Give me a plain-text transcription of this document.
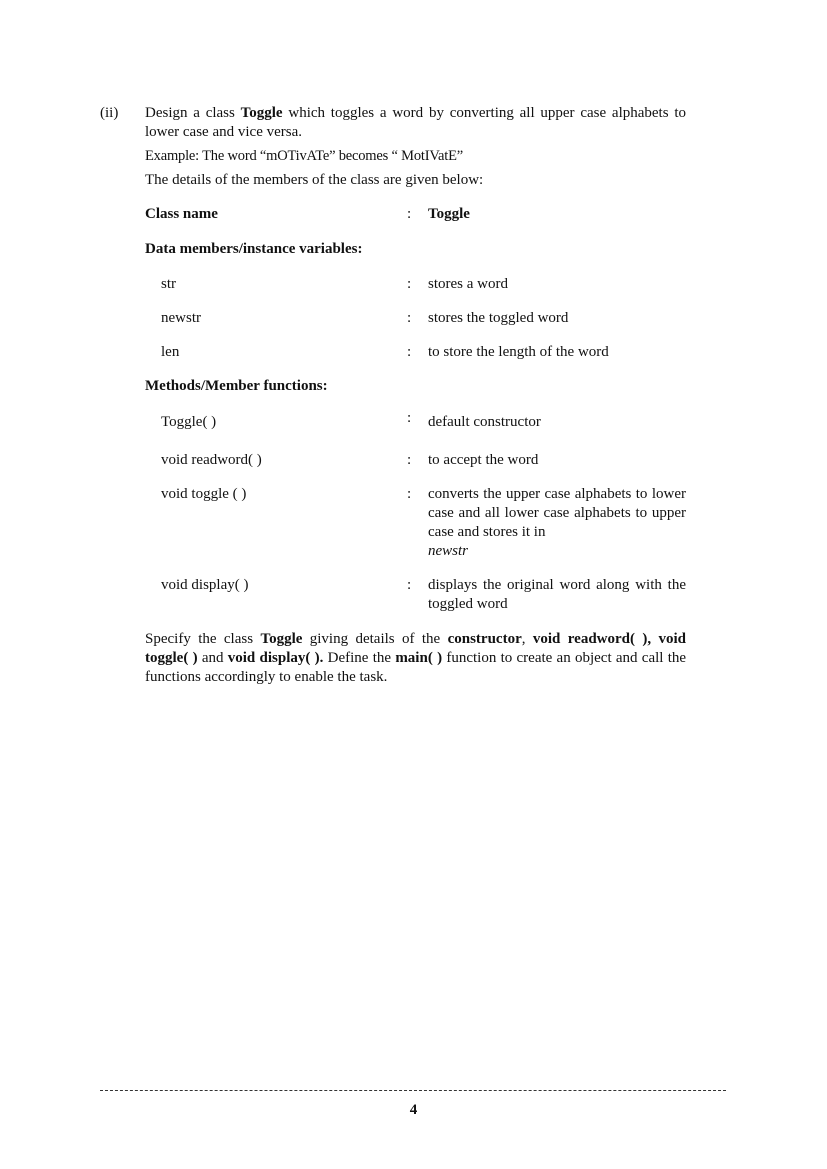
(ii) Design a class Toggle which toggles a word by converting all upper case alphabets to lower case and vice versa.
Example: The word “mOTivATe” becomes “ MotIVatE”
The details of the members of the class are given below:
Class name	: Toggle
Data members/instance variables:
str	: stores a word
newstr	: stores the toggled word
len	: to store the length of the word
Methods/Member functions:
Toggle( )	: default constructor
void readword( )	: to accept the word
void toggle ( )	: converts the upper case alphabets to lower case and all lower case alphabets to upper case and stores it in
newstr
void display( )	: displays the original word along with the toggled word
Specify the class Toggle giving details of the constructor, void readword( ), void toggle( ) and void display( ). Define the main( ) function to create an object and call the functions accordingly to enable the task.
4
